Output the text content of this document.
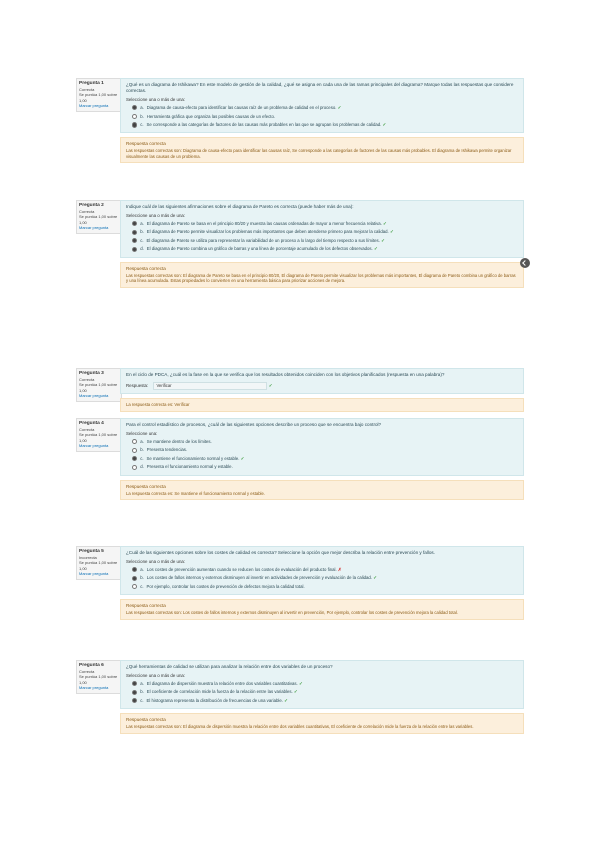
Pregunta 1
Correcta
Se puntúa 1,00 sobre 1,00
Marcar pregunta
¿Qué es un diagrama de Ishikawa? En este modelo de gestión de la calidad, ¿qué se asigna en cada una de las ramas principales del diagrama? Marque todas las respuestas que considere correctas.
Seleccione una o más de una:
a. Diagrama de causa-efecto para identificar las causas raíz de un problema de calidad en el proceso. ✓
b. Herramienta gráfica que organiza las posibles causas de un efecto.
c. Se corresponde a las categorías de factores de las causas más probables en las que se agrupan los problemas de calidad. ✓
Respuesta correcta
Las respuestas correctas son: Diagrama de causa-efecto para identificar las causas raíz, Se corresponde a las categorías de factores de las causas más probables. El diagrama de Ishikawa permite organizar visualmente las causas de un problema.
Pregunta 2
Correcta
Se puntúa 1,00 sobre 1,00
Marcar pregunta
Indique cuál de las siguientes afirmaciones sobre el diagrama de Pareto es correcta (puede haber más de una):
Seleccione una o más de una:
a. El diagrama de Pareto se basa en el principio 80/20 y muestra las causas ordenadas de mayor a menor frecuencia relativa. ✓
b. El diagrama de Pareto permite visualizar los problemas más importantes que deben atenderse primero para mejorar la calidad. ✓
c. El diagrama de Pareto se utiliza para representar la variabilidad de un proceso a lo largo del tiempo respecto a sus límites. ✓
d. El diagrama de Pareto combina un gráfico de barras y una línea de porcentaje acumulado de los defectos observados. ✓
Respuesta correcta
Las respuestas correctas son: El diagrama de Pareto se basa en el principio 80/20, El diagrama de Pareto permite visualizar los problemas más importantes, El diagrama de Pareto combina un gráfico de barras y una línea acumulada. Estas propiedades lo convierten en una herramienta básica para priorizar acciones de mejora.
Pregunta 3
Correcta
Se puntúa 1,00 sobre 1,00
Marcar pregunta
En el ciclo de PDCA, ¿cuál es la fase en la que se verifica que los resultados obtenidos coinciden con los objetivos planificados (respuesta en una palabra)?
Respuesta: Verificar	✓
La respuesta correcta es: Verificar
Pregunta 4
Correcta
Se puntúa 1,00 sobre 1,00
Marcar pregunta
Para el control estadístico de procesos, ¿cuál de las siguientes opciones describe un proceso que se encuentra bajo control?
Seleccione una:
a. Se mantiene dentro de los límites.
b. Presenta tendencias.
c. Se mantiene el funcionamiento normal y estable. ✓
d. Presenta el funcionamiento normal y estable.
Respuesta correcta
La respuesta correcta es: Se mantiene el funcionamiento normal y estable.
Pregunta 5
Incorrecta
Se puntúa 1,00 sobre 1,00
Marcar pregunta
¿Cuál de las siguientes opciones sobre los costes de calidad es correcta? Seleccione la opción que mejor describa la relación entre prevención y fallos.
Seleccione una o más de una:
a. Los costes de prevención aumentan cuando se reducen los costes de evaluación del producto final. ✗
b. Los costes de fallos internos y externos disminuyen al invertir en actividades de prevención y evaluación de la calidad. ✓
c. Por ejemplo, controlar los costes de prevención de defectos mejora la calidad total.
Respuesta correcta
Las respuestas correctas son: Los costes de fallos internos y externos disminuyen al invertir en prevención, Por ejemplo, controlar los costes de prevención mejora la calidad total.
Pregunta 6
Correcta
Se puntúa 1,00 sobre 1,00
Marcar pregunta
¿Qué herramientas de calidad se utilizan para analizar la relación entre dos variables de un proceso?
Seleccione una o más de una:
a. El diagrama de dispersión muestra la relación entre dos variables cuantitativas. ✓
b. El coeficiente de correlación mide la fuerza de la relación entre las variables. ✓
c. El histograma representa la distribución de frecuencias de una variable. ✓
Respuesta correcta
Las respuestas correctas son: El diagrama de dispersión muestra la relación entre dos variables cuantitativas, El coeficiente de correlación mide la fuerza de la relación entre las variables.
